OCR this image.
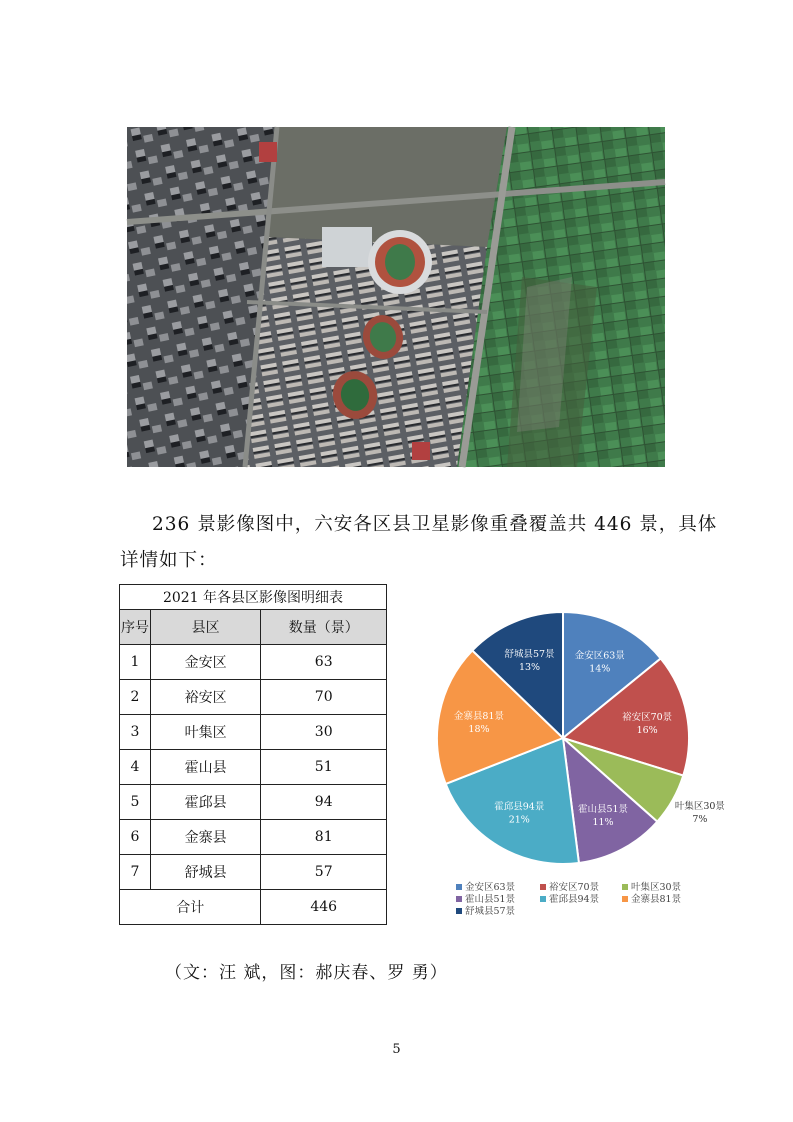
236 景影像图中，六安各区县卫星影像重叠覆盖共 446 景，具体
详情如下：
2021 年各县区影像图明细表		
序号	县区	数量（景）
1	金安区	63
2	裕安区	70
3	叶集区	30
4	霍山县	51
5	霍邱县	94
6	金寨县	81
7	舒城县	57
合计		446
金安区63景
14%
裕安区70景
16%
叶集区30景
7%
霍山县51景
11%
霍邱县94景
21%
金寨县81景
18%
舒城县57景
13%
金安区63景	裕安区70景	叶集区30景
霍山县51景	霍邱县94景	金寨县81景
舒城县57景
（文：汪 斌，图：郝庆春、罗 勇）
5
